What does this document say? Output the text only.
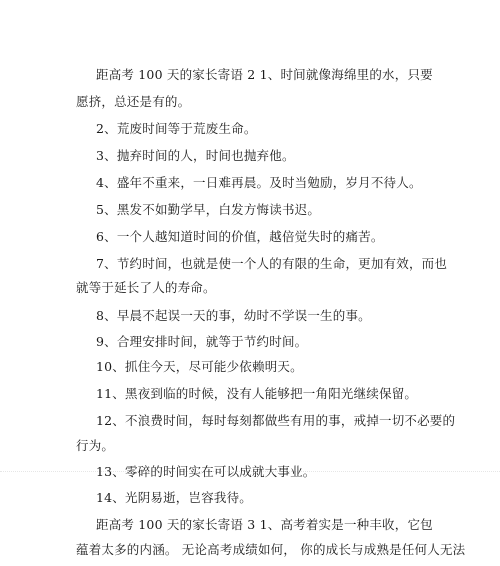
距高考 100 天的家长寄语 2 1、时间就像海绵里的水，只要
愿挤，总还是有的。
2、荒废时间等于荒废生命。
3、抛弃时间的人，时间也抛弃他。
4、盛年不重来，一日难再晨。及时当勉励，岁月不待人。
5、黑发不如勤学早，白发方悔读书迟。
6、一个人越知道时间的价值，越倍觉失时的痛苦。
7、节约时间，也就是使一个人的有限的生命，更加有效，而也
就等于延长了人的寿命。
8、早晨不起误一天的事，幼时不学误一生的事。
9、合理安排时间，就等于节约时间。
10、抓住今天，尽可能少依赖明天。
11、黑夜到临的时候，没有人能够把一角阳光继续保留。
12、不浪费时间，每时每刻都做些有用的事，戒掉一切不必要的
行为。
13、零碎的时间实在可以成就大事业。
14、光阴易逝，岂容我待。
距高考 100 天的家长寄语 3 1、高考着实是一种丰收，它包
蕴着太多的内涵。 无论高考成绩如何， 你的成长与成熟是任何人无法
